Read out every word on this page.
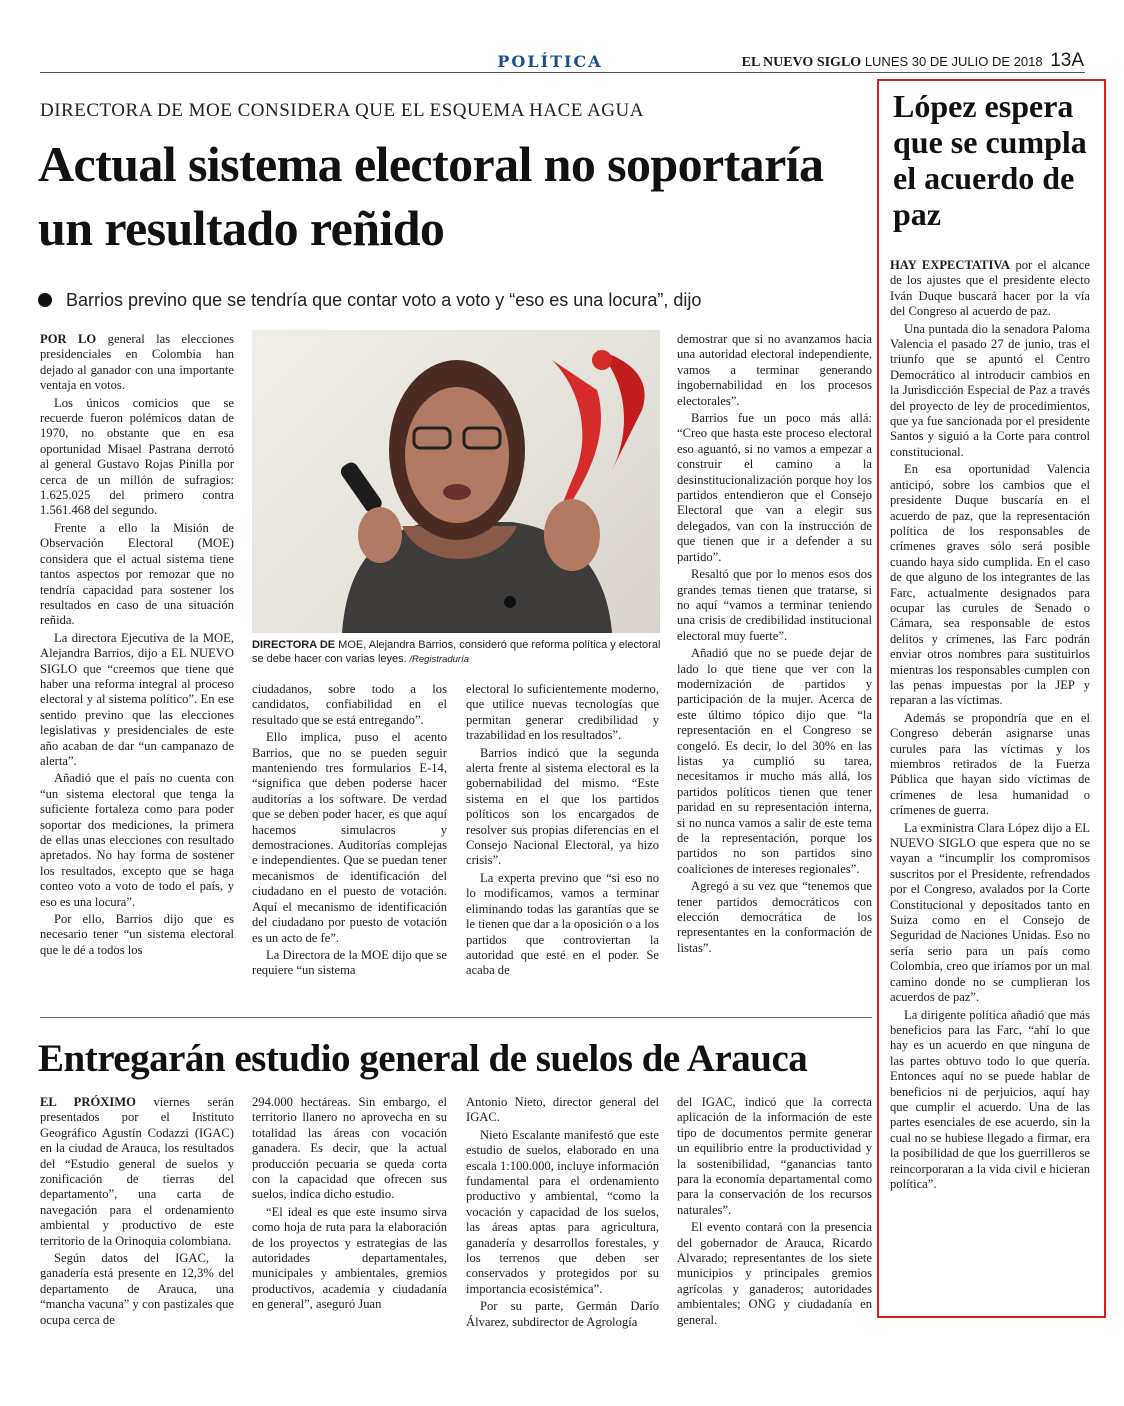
POLÍTICA	EL NUEVO SIGLO LUNES 30 DE JULIO DE 2018 13A
DIRECTORA DE MOE CONSIDERA QUE EL ESQUEMA HACE AGUA
Actual sistema electoral no soportaría un resultado reñido
Barrios previno que se tendría que contar voto a voto y “eso es una locura”, dijo

POR LO general las elecciones presidenciales en Colombia han dejado al ganador con una importante ventaja en votos.

Los únicos comicios que se recuerde fueron polémicos datan de 1970, no obstante que en esa oportunidad Misael Pastrana derrotó al general Gustavo Rojas Pinilla por cerca de un millón de sufragios: 1.625.025 del primero contra 1.561.468 del segundo.

Frente a ello la Misión de Observación Electoral (MOE) considera que el actual sistema tiene tantos aspectos por remozar que no tendría capacidad para sostener los resultados en caso de una situación reñida.

La directora Ejecutiva de la MOE, Alejandra Barrios, dijo a EL NUEVO SIGLO que “creemos que tiene que haber una reforma integral al proceso electoral y al sistema político”. En ese sentido previno que las elecciones legislativas y presidenciales de este año acaban de dar “un campanazo de alerta”.

Añadió que el país no cuenta con “un sistema electoral que tenga la suficiente fortaleza como para poder soportar dos mediciones, la primera de ellas unas elecciones con resultado apretados. No hay forma de sostener los resultados, excepto que se haga conteo voto a voto de todo el país, y eso es una locura”.

Por ello, Barrios dijo que es necesario tener “un sistema electoral que le dé a todos los

DIRECTORA DE MOE, Alejandra Barrios, consideró que reforma política y electoral se debe hacer con varias leyes. /Registraduría

ciudadanos, sobre todo a los candidatos, confiabilidad en el resultado que se está entregando”.

Ello implica, puso el acento Barrios, que no se pueden seguir manteniendo tres formularios E-14, “significa que deben poderse hacer auditorías a los software. De verdad que se deben poder hacer, es que aquí hacemos simulacros y demostraciones. Auditorías complejas e independientes. Que se puedan tener mecanismos de identificación del ciudadano en el puesto de votación. Aquí el mecanismo de identificación del ciudadano por puesto de votación es un acto de fe”.

La Directora de la MOE dijo que se requiere “un sistema

electoral lo suficientemente moderno, que utilice nuevas tecnologías que permitan generar credibilidad y trazabilidad en los resultados”.

Barrios indicó que la segunda alerta frente al sistema electoral es la gobernabilidad del mismo. “Este sistema en el que los partidos políticos son los encargados de resolver sus propias diferencias en el Consejo Nacional Electoral, ya hizo crisis”.

La experta previno que “si eso no lo modificamos, vamos a terminar eliminando todas las garantías que se le tienen que dar a la oposición o a los partidos que controviertan la autoridad que esté en el poder. Se acaba de

demostrar que si no avanzamos hacia una autoridad electoral independiente, vamos a terminar generando ingobernabilidad en los procesos electorales”.

Barrios fue un poco más allá: “Creo que hasta este proceso electoral eso aguantó, si no vamos a empezar a construir el camino a la desinstitucionalización porque hoy los partidos entendieron que el Consejo Electoral que van a elegir sus delegados, van con la instrucción de que tienen que ir a defender a su partido”.

Resaltó que por lo menos esos dos grandes temas tienen que tratarse, si no aquí “vamos a terminar teniendo una crisis de credibilidad institucional electoral muy fuerte”.

Añadió que no se puede dejar de lado lo que tiene que ver con la modernización de partidos y participación de la mujer. Acerca de este último tópico dijo que “la representación en el Congreso se congeló. Es decir, lo del 30% en las listas ya cumplió su tarea, necesitamos ir mucho más allá, los partidos políticos tienen que tener paridad en su representación interna, si no nunca vamos a salir de este tema de la representación, porque los partidos no son partidos sino coaliciones de intereses regionales”.

Agregó a su vez que “tenemos que tener partidos democráticos con elección democrática de los representantes en la conformación de listas”.

Entregarán estudio general de suelos de Arauca

EL PRÓXIMO viernes serán presentados por el Instituto Geográfico Agustín Codazzi (IGAC) en la ciudad de Arauca, los resultados del “Estudio general de suelos y zonificación de tierras del departamento”, una carta de navegación para el ordenamiento ambiental y productivo de este territorio de la Orinoquia colombiana.

Según datos del IGAC, la ganadería está presente en 12,3% del departamento de Arauca, una “mancha vacuna” y con pastizales que ocupa cerca de

294.000 hectáreas. Sin embargo, el territorio llanero no aprovecha en su totalidad las áreas con vocación ganadera. Es decir, que la actual producción pecuaria se queda corta con la capacidad que ofrecen sus suelos, indica dicho estudio.

“El ideal es que este insumo sirva como hoja de ruta para la elaboración de los proyectos y estrategias de las autoridades departamentales, municipales y ambientales, gremios productivos, academia y ciudadanía en general”, aseguró Juan

Antonio Nieto, director general del IGAC.

Nieto Escalante manifestó que este estudio de suelos, elaborado en una escala 1:100.000, incluye información fundamental para el ordenamiento productivo y ambiental, “como la vocación y capacidad de los suelos, las áreas aptas para agricultura, ganadería y desarrollos forestales, y los terrenos que deben ser conservados y protegidos por su importancia ecosistémica”.

Por su parte, Germán Darío Álvarez, subdirector de Agrología

del IGAC, indicó que la correcta aplicación de la información de este tipo de documentos permite generar un equilibrio entre la productividad y la sostenibilidad, “ganancias tanto para la economía departamental como para la conservación de los recursos naturales”.

El evento contará con la presencia del gobernador de Arauca, Ricardo Alvarado; representantes de los siete municipios y principales gremios agrícolas y ganaderos; autoridades ambientales; ONG y ciudadanía en general.

López espera que se cumpla el acuerdo de paz

HAY EXPECTATIVA por el alcance de los ajustes que el presidente electo Iván Duque buscará hacer por la vía del Congreso al acuerdo de paz.

Una puntada dio la senadora Paloma Valencia el pasado 27 de junio, tras el triunfo que se apuntó el Centro Democrático al introducir cambios en la Jurisdicción Especial de Paz a través del proyecto de ley de procedimientos, que ya fue sancionada por el presidente Santos y siguió a la Corte para control constitucional.

En esa oportunidad Valencia anticipó, sobre los cambios que el presidente Duque buscaría en el acuerdo de paz, que la representación política de los responsables de crímenes graves sólo será posible cuando haya sido cumplida. En el caso de que alguno de los integrantes de las Farc, actualmente designados para ocupar las curules de Senado o Cámara, sea responsable de estos delitos y crímenes, las Farc podrán enviar otros nombres para sustituirlos mientras los responsables cumplen con las penas impuestas por la JEP y reparan a las víctimas.

Además se propondría que en el Congreso deberán asignarse unas curules para las víctimas y los miembros retirados de la Fuerza Pública que hayan sido víctimas de crímenes de lesa humanidad o crímenes de guerra.

La exministra Clara López dijo a EL NUEVO SIGLO que espera que no se vayan a “incumplir los compromisos suscritos por el Presidente, refrendados por el Congreso, avalados por la Corte Constitucional y depositados tanto en Suiza como en el Consejo de Seguridad de Naciones Unidas. Eso no sería serio para un país como Colombia, creo que iríamos por un mal camino donde no se cumplieran los acuerdos de paz”.

La dirigente política añadió que más beneficios para las Farc, “ahí lo que hay es un acuerdo en que ninguna de las partes obtuvo todo lo que quería. Entonces aquí no se puede hablar de beneficios ni de perjuicios, aquí hay que cumplir el acuerdo. Una de las partes esenciales de ese acuerdo, sin la cual no se hubiese llegado a firmar, era la posibilidad de que los guerrilleros se reincorporaran a la vida civil e hicieran política”.
